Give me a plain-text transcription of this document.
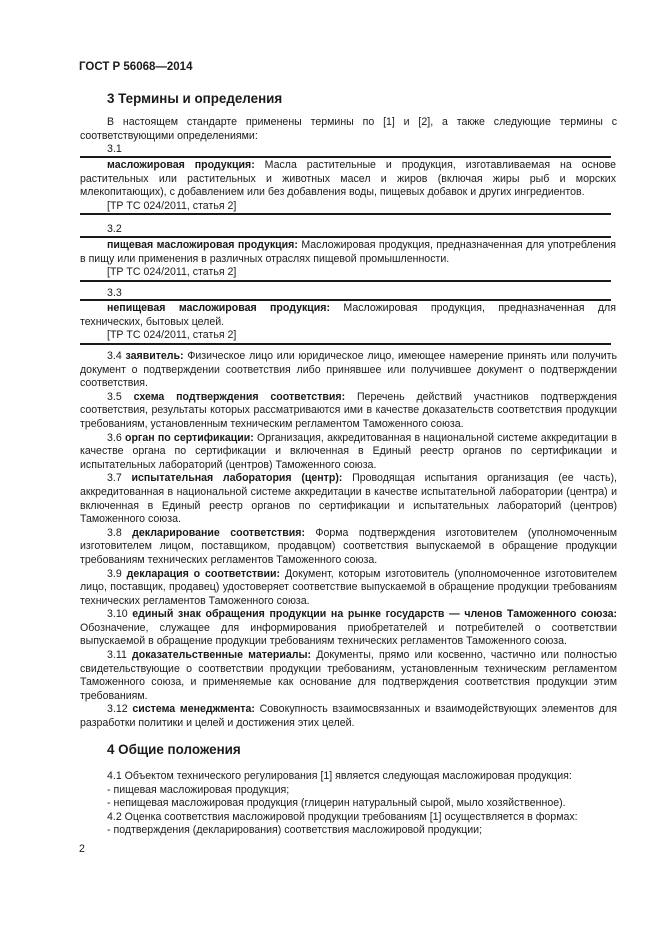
ГОСТ Р 56068—2014
3 Термины и определения

В настоящем стандарте применены термины по [1] и [2], а также следующие термины с соответствующими определениями:

3.1

масложировая продукция: Масла растительные и продукция, изготавливаемая на основе растительных или растительных и животных масел и жиров (включая жиры рыб и морских млекопитающих), с добавлением или без добавления воды, пищевых добавок и других ингредиентов.

[ТР ТС 024/2011, статья 2]

3.2

пищевая масложировая продукция: Масложировая продукция, предназначенная для употребления в пищу или применения в различных отраслях пищевой промышленности.

[ТР ТС 024/2011, статья 2]

3.3

непищевая масложировая продукция: Масложировая продукция, предназначенная для технических, бытовых целей.

[ТР ТС 024/2011, статья 2]

3.4 заявитель: Физическое лицо или юридическое лицо, имеющее намерение принять или получить документ о подтверждении соответствия либо принявшее или получившее документ о подтверждении соответствия.

3.5 схема подтверждения соответствия: Перечень действий участников подтверждения соответствия, результаты которых рассматриваются ими в качестве доказательств соответствия продукции требованиям, установленным техническим регламентом Таможенного союза.

3.6 орган по сертификации: Организация, аккредитованная в национальной системе аккредитации в качестве органа по сертификации и включенная в Единый реестр органов по сертификации и испытательных лабораторий (центров) Таможенного союза.

3.7 испытательная лаборатория (центр): Проводящая испытания организация (ее часть), аккредитованная в национальной системе аккредитации в качестве испытательной лаборатории (центра) и включенная в Единый реестр органов по сертификации и испытательных лабораторий (центров) Таможенного союза.

3.8 декларирование соответствия: Форма подтверждения изготовителем (уполномоченным изготовителем лицом, поставщиком, продавцом) соответствия выпускаемой в обращение продукции требованиям технических регламентов Таможенного союза.

3.9 декларация о соответствии: Документ, которым изготовитель (уполномоченное изготовителем лицо, поставщик, продавец) удостоверяет соответствие выпускаемой в обращение продукции требованиям технических регламентов Таможенного союза.

3.10 единый знак обращения продукции на рынке государств — членов Таможенного союза: Обозначение, служащее для информирования приобретателей и потребителей о соответствии выпускаемой в обращение продукции требованиям технических регламентов Таможенного союза.

3.11 доказательственные материалы: Документы, прямо или косвенно, частично или полностью свидетельствующие о соответствии продукции требованиям, установленным техническим регламентом Таможенного союза, и применяемые как основание для подтверждения соответствия продукции этим требованиям.

3.12 система менеджмента: Совокупность взаимосвязанных и взаимодействующих элементов для разработки политики и целей и достижения этих целей.

4 Общие положения

4.1 Объектом технического регулирования [1] является следующая масложировая продукция:

- пищевая масложировая продукция;

- непищевая масложировая продукция (глицерин натуральный сырой, мыло хозяйственное).

4.2 Оценка соответствия масложировой продукции требованиям [1] осуществляется в формах:

- подтверждения (декларирования) соответствия масложировой продукции;

2
